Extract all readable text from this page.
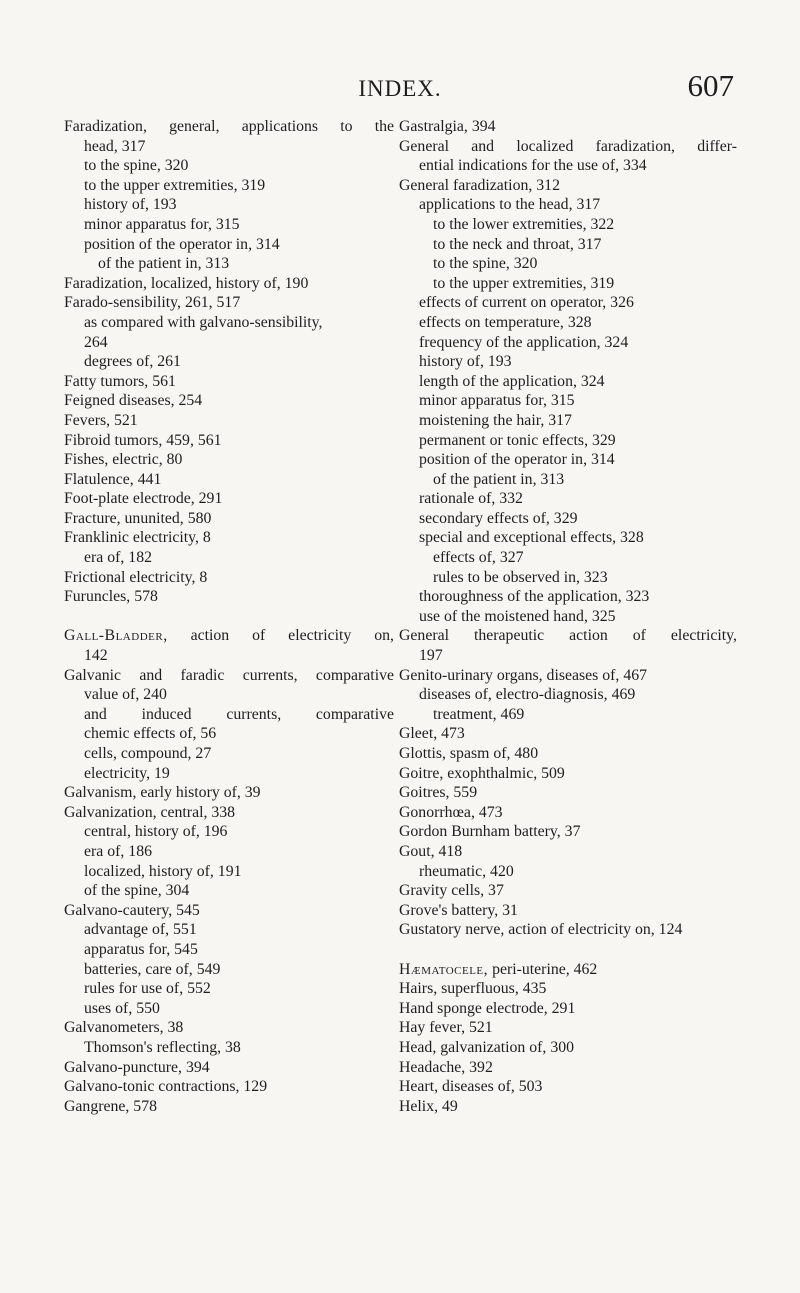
INDEX.	607
Faradization, general, applications to the
head, 317
to the spine, 320
to the upper extremities, 319
history of, 193
minor apparatus for, 315
position of the operator in, 314
of the patient in, 313
Faradization, localized, history of, 190
Farado-sensibility, 261, 517
as compared with galvano-sensibility,
264
degrees of, 261
Fatty tumors, 561
Feigned diseases, 254
Fevers, 521
Fibroid tumors, 459, 561
Fishes, electric, 80
Flatulence, 441
Foot-plate electrode, 291
Fracture, ununited, 580
Franklinic electricity, 8
era of, 182
Frictional electricity, 8
Furuncles, 578
Gall-Bladder, action of electricity on,
142
Galvanic and faradic currents, comparative
value of, 240
and induced currents, comparative
chemic effects of, 56
cells, compound, 27
electricity, 19
Galvanism, early history of, 39
Galvanization, central, 338
central, history of, 196
era of, 186
localized, history of, 191
of the spine, 304
Galvano-cautery, 545
advantage of, 551
apparatus for, 545
batteries, care of, 549
rules for use of, 552
uses of, 550
Galvanometers, 38
Thomson's reflecting, 38
Galvano-puncture, 394
Galvano-tonic contractions, 129
Gangrene, 578
Gastralgia, 394
General and localized faradization, differ-
ential indications for the use of, 334
General faradization, 312
applications to the head, 317
to the lower extremities, 322
to the neck and throat, 317
to the spine, 320
to the upper extremities, 319
effects of current on operator, 326
effects on temperature, 328
frequency of the application, 324
history of, 193
length of the application, 324
minor apparatus for, 315
moistening the hair, 317
permanent or tonic effects, 329
position of the operator in, 314
of the patient in, 313
rationale of, 332
secondary effects of, 329
special and exceptional effects, 328
effects of, 327
rules to be observed in, 323
thoroughness of the application, 323
use of the moistened hand, 325
General therapeutic action of electricity,
197
Genito-urinary organs, diseases of, 467
diseases of, electro-diagnosis, 469
treatment, 469
Gleet, 473
Glottis, spasm of, 480
Goitre, exophthalmic, 509
Goitres, 559
Gonorrhœa, 473
Gordon Burnham battery, 37
Gout, 418
rheumatic, 420
Gravity cells, 37
Grove's battery, 31
Gustatory nerve, action of electricity on, 124
Hæmatocele, peri-uterine, 462
Hairs, superfluous, 435
Hand sponge electrode, 291
Hay fever, 521
Head, galvanization of, 300
Headache, 392
Heart, diseases of, 503
Helix, 49
